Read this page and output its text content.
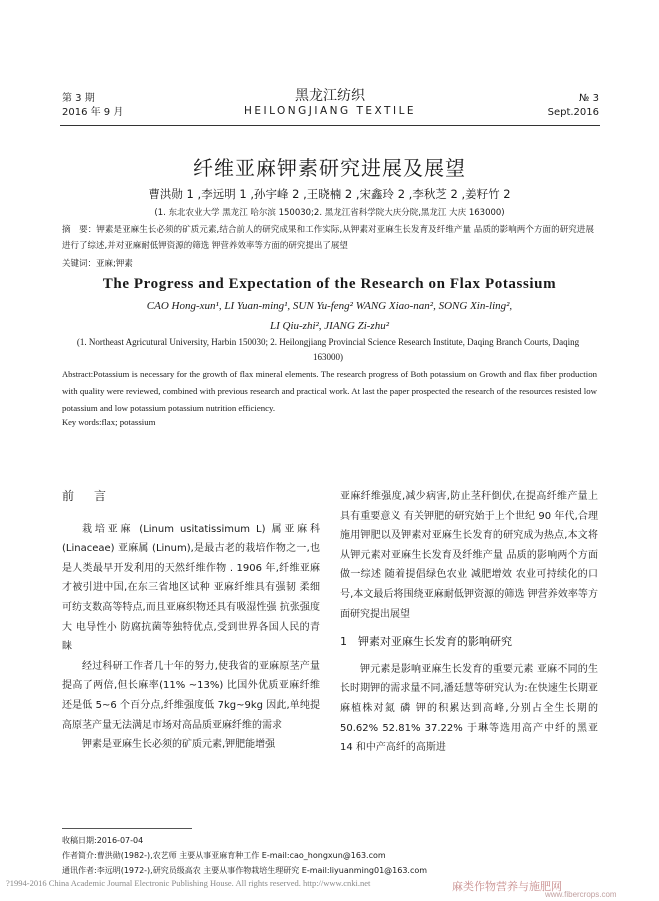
第 3 期
2016 年 9 月
黑龙江纺织
HEILONGJIANG TEXTILE
№ 3
Sept.2016
纤维亚麻钾素研究进展及展望
曹洪勋 1 ,李远明 1 ,孙宇峰 2 ,王晓楠 2 ,宋鑫玲 2 ,李秋芝 2 ,姜籽竹 2
(1. 东北农业大学 黑龙江 哈尔滨 150030;2. 黑龙江省科学院大庆分院,黑龙江 大庆 163000)
摘　要：钾素是亚麻生长必须的矿质元素,结合前人的研究成果和工作实际,从钾素对亚麻生长发育及纤维产量 品质的影响两个方面的研究进展进行了综述,并对亚麻耐低钾资源的筛选 钾营养效率等方面的研究提出了展望
关键词：亚麻;钾素
The Progress and Expectation of the Research on Flax Potassium
CAO Hong-xun¹, LI Yuan-ming¹, SUN Yu-feng² WANG Xiao-nan², SONG Xin-ling²,
LI Qiu-zhi², JIANG Zi-zhu²
(1. Northeast Agricutural University, Harbin 150030; 2. Heilongjiang Provincial Science Research Institute, Daqing Branch Courts, Daqing 163000)
Abstract:Potassium is necessary for the growth of flax mineral elements. The research progress of Both potassium on Growth and flax fiber production with quality were reviewed, combined with previous research and practical work. At last the paper prospected the research of the resources resisted low potassium and low potassium potassium nutrition efficiency.
Key words:flax; potassium
前　言

栽培亚麻 (Linum usitatissimum L) 属亚麻科 (Linaceae) 亚麻属 (Linum),是最古老的栽培作物之一,也是人类最早开发利用的天然纤维作物 . 1906 年,纤维亚麻才被引进中国,在东三省地区试种 亚麻纤维具有强韧 柔细 可纺支数高等特点,而且亚麻织物还具有吸湿性强 抗张强度大 电导性小 防腐抗菌等独特优点,受到世界各国人民的青睐

经过科研工作者几十年的努力,使我省的亚麻原茎产量提高了两倍,但长麻率(11% ~13%) 比国外优质亚麻纤维还是低 5~6 个百分点,纤维强度低 7kg~9kg 因此,单纯提高原茎产量无法满足市场对高品质亚麻纤维的需求

钾素是亚麻生长必须的矿质元素,钾肥能增强

亚麻纤维强度,减少病害,防止茎秆倒伏,在提高纤维产量上具有重要意义 有关钾肥的研究始于上个世纪 90 年代,合理施用钾肥以及钾素对亚麻生长发育的研究成为热点,本文将从钾元素对亚麻生长发育及纤维产量 品质的影响两个方面做一综述 随着提倡绿色农业 减肥增效 农业可持续化的口号,本文最后将围绕亚麻耐低钾资源的筛选 钾营养效率等方面研究提出展望

1　钾素对亚麻生长发育的影响研究

钾元素是影响亚麻生长发育的重要元素 亚麻不同的生长时期钾的需求量不同,潘廷慧等研究认为:在快速生长期亚麻植株对氮 磷 钾的积累达到高峰,分别占全生长期的 50.62% 52.81% 37.22% 于琳等选用高产中纤的黑亚 14 和中产高纤的高斯进

收稿日期:2016-07-04
作者简介:曹洪勋(1982-),农艺师 主要从事亚麻育种工作 E-mail:cao_hongxun@163.com
通讯作者:李远明(1972-),研究员级高农 主要从事作物栽培生理研究 E-mail:liyuanming01@163.com
?1994-2016 China Academic Journal Electronic Publishing House. All rights reserved. http://www.cnki.net	麻类作物营养与施肥网
www.fibercrops.com
